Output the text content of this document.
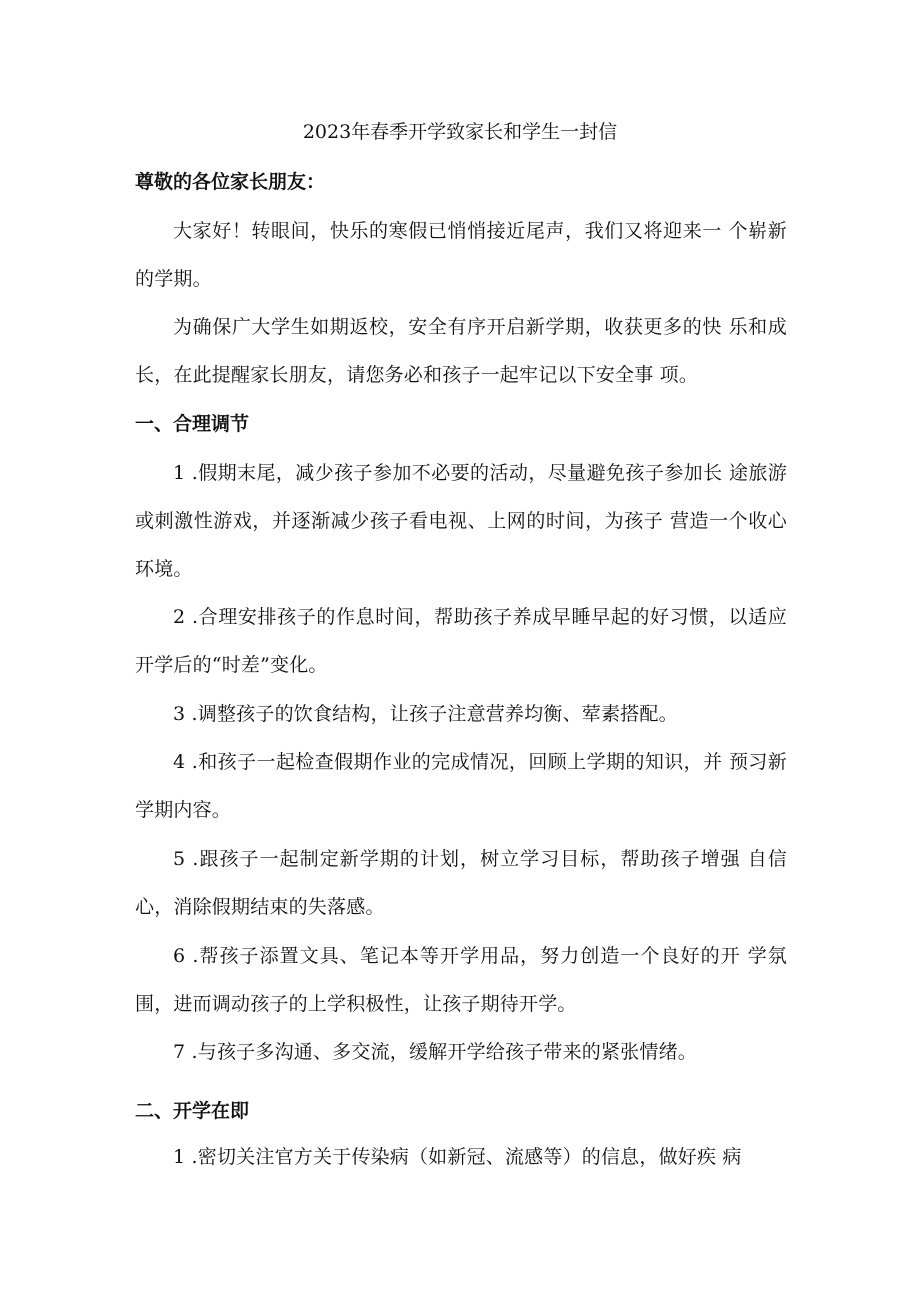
2023年春季开学致家长和学生一封信
尊敬的各位家长朋友：
大家好！转眼间，快乐的寒假已悄悄接近尾声，我们又将迎来一 个崭新的学期。
为确保广大学生如期返校，安全有序开启新学期，收获更多的快 乐和成长，在此提醒家长朋友，请您务必和孩子一起牢记以下安全事 项。
一、合理调节
1 .假期末尾，减少孩子参加不必要的活动，尽量避免孩子参加长 途旅游或刺激性游戏，并逐渐减少孩子看电视、上网的时间，为孩子 营造一个收心环境。
2 .合理安排孩子的作息时间，帮助孩子养成早睡早起的好习惯，以适应开学后的“时差”变化。
3 .调整孩子的饮食结构，让孩子注意营养均衡、荤素搭配。
4 .和孩子一起检查假期作业的完成情况，回顾上学期的知识，并 预习新学期内容。
5 .跟孩子一起制定新学期的计划，树立学习目标，帮助孩子增强 自信心，消除假期结束的失落感。
6 .帮孩子添置文具、笔记本等开学用品，努力创造一个良好的开 学氛围，进而调动孩子的上学积极性，让孩子期待开学。
7 .与孩子多沟通、多交流，缓解开学给孩子带来的紧张情绪。
二、开学在即
1 .密切关注官方关于传染病（如新冠、流感等）的信息，做好疾 病
